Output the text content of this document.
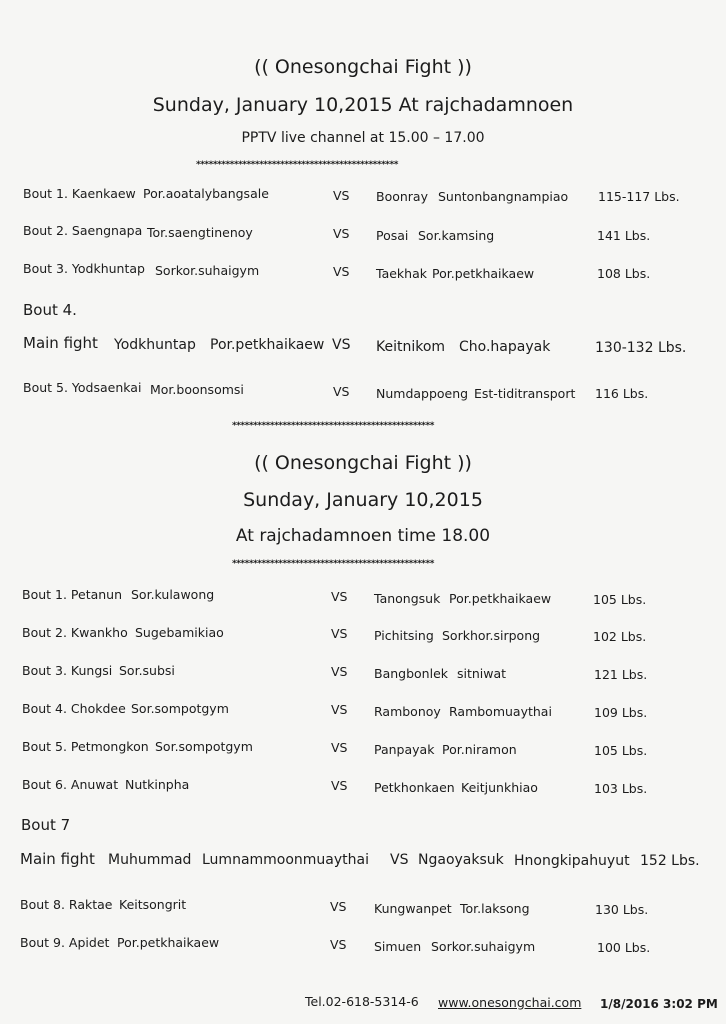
(( Onesongchai Fight ))
Sunday, January 10,2015 At rajchadamnoen
PPTV live channel at 15.00 – 17.00
************************************************
Bout 1. Kaenkaew Por.aoatalybangsale	VS Boonray Suntonbangnampiao 115-117 Lbs.
Bout 2. Saengnapa Tor.saengtinenoy	VS Posai Sor.kamsing	141 Lbs.
Bout 3. Yodkhuntap Sorkor.suhaigym	VS Taekhak Por.petkhaikaew	108 Lbs.
Bout 4.
Main fight Yodkhuntap Por.petkhaikaew VS Keitnikom Cho.hapayak	130-132 Lbs.
Bout 5. Yodsaenkai Mor.boonsomsi	VS Numdappoeng Est-tiditransport 116 Lbs.
************************************************
(( Onesongchai Fight ))
Sunday, January 10,2015
At rajchadamnoen time 18.00
************************************************
Bout 1. Petanun Sor.kulawong	VS Tanongsuk Por.petkhaikaew	105 Lbs.
Bout 2. Kwankho Sugebamikiao	VS Pichitsing Sorkhor.sirpong	102 Lbs.
Bout 3. Kungsi Sor.subsi	VS Bangbonlek sitniwat	121 Lbs.
Bout 4. Chokdee Sor.sompotgym	VS Rambonoy Rambomuaythai	109 Lbs.
Bout 5. Petmongkon Sor.sompotgym	VS Panpayak Por.niramon	105 Lbs.
Bout 6. Anuwat Nutkinpha	VS Petkhonkaen Keitjunkhiao	103 Lbs.
Bout 7
Main fight Muhummad Lumnammoonmuaythai VS Ngaoyaksuk Hnongkipahuyut 152 Lbs.
Bout 8. Raktae Keitsongrit	VS Kungwanpet Tor.laksong	130 Lbs.
Bout 9. Apidet Por.petkhaikaew	VS Simuen Sorkor.suhaigym	100 Lbs.
Tel.02-618-5314-6 www.onesongchai.com 1/8/2016 3:02 PM
